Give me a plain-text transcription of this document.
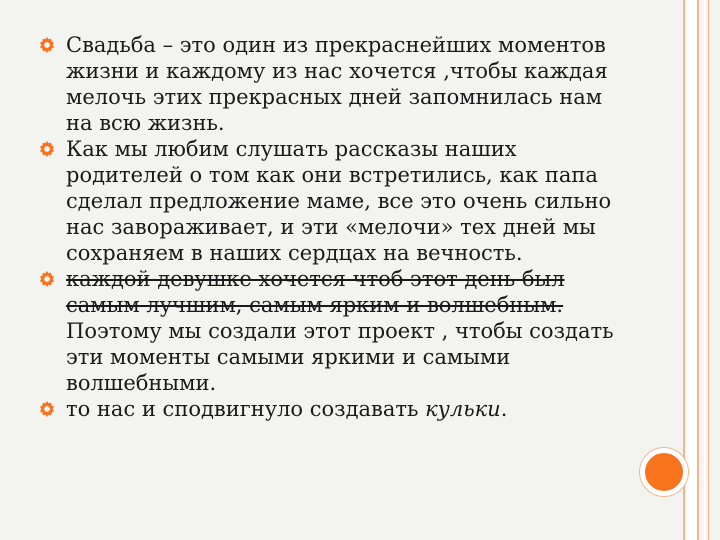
Свадьба – это один из прекраснейших моментов жизни и каждому из нас хочется ,чтобы каждая мелочь этих прекрасных дней запомнилась нам на всю жизнь.
Как мы любим слушать рассказы наших родителей о том как они встретились, как папа сделал предложение маме, все это очень сильно нас завораживает, и эти «мелочи» тех дней мы сохраняем в наших сердцах на вечность.
каждой девушке хочется чтоб этот день был самым лучшим, самым ярким и волшебным. Поэтому мы создали этот проект , чтобы создать эти моменты самыми яркими и самыми волшебными.
то нас и сподвигнуло создавать кульки.
